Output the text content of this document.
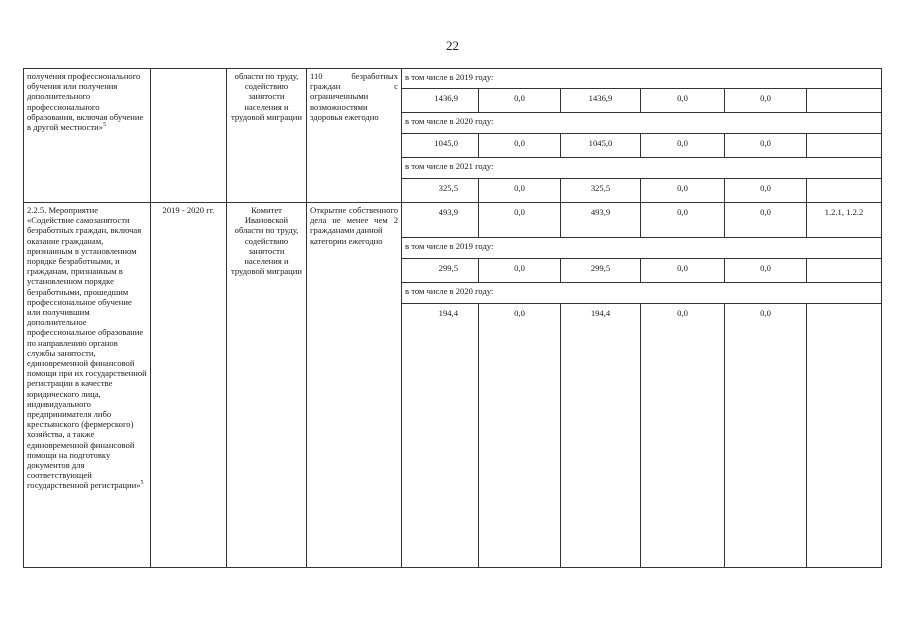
22
получения профессионального обучения или получения дополнительного профессионального образования, включая обучение в другой местности»$^5$		области по труду, содействию занятости населения и трудовой миграции	110 безработных граждан с
ограниченными возможностями здоровья ежегодно	в том числе в 2019 году:					
				1436,9	0,0	1436,9	0,0	0,0	
				в том числе в 2020 году:					
				1045,0	0,0	1045,0	0,0	0,0	
				в том числе в 2021 году:					
				325,5	0,0	325,5	0,0	0,0	
2.2.5. Мероприятие «Содействие самозанятости безработных граждан, включая оказание гражданам, признанным в установленном порядке безработными, и гражданам, признанным в установленном порядке безработными, прошедшим профессиональное обучение или получившим дополнительное профессиональное образование по направлению органов службы занятости, единовременной финансовой помощи при их государственной регистрации в качестве юридического лица, индивидуального предпринимателя либо крестьянского (фермерского) хозяйства, а также единовременной финансовой помощи на подготовку документов для соответствующей государственной регистрации»$^5$	2019 - 2020 гг.	Комитет Ивановской области по труду, содействию занятости населения и трудовой миграции	Открытие собственного дела не менее чем 2
гражданами данной категории ежегодно	493,9	0,0	493,9	0,0	0,0	1.2.1, 1.2.2
				в том числе в 2019 году:					
				299,5	0,0	299,5	0,0	0,0	
				в том числе в 2020 году:					
				194,4	0,0	194,4	0,0	0,0	
